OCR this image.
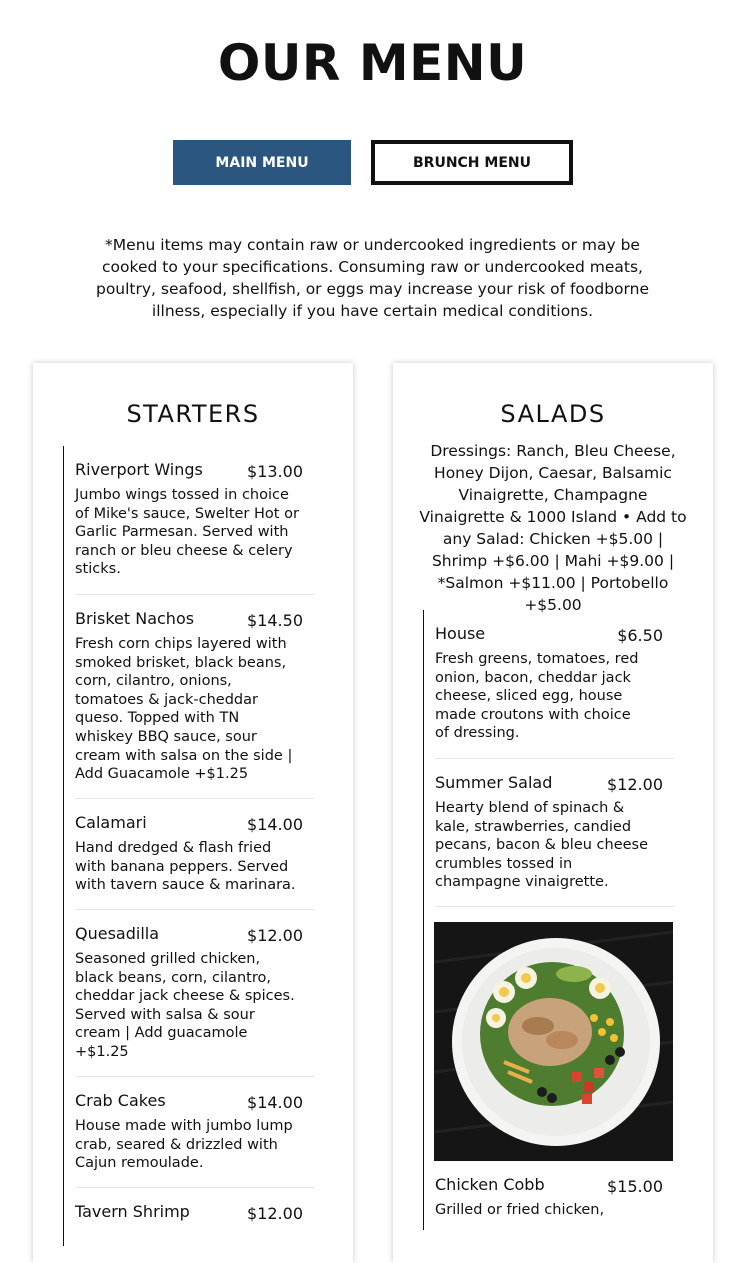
OUR MENU
MAIN MENU	BRUNCH MENU

*Menu items may contain raw or undercooked ingredients or may be cooked to your specifications. Consuming raw or undercooked meats, poultry, seafood, shellfish, or eggs may increase your risk of foodborne illness, especially if you have certain medical conditions.

STARTERS
Riverport Wings	$13.00

Jumbo wings tossed in choice of Mike's sauce, Swelter Hot or Garlic Parmesan. Served with ranch or bleu cheese & celery sticks.

Brisket Nachos	$14.50

Fresh corn chips layered with smoked brisket, black beans, corn, cilantro, onions, tomatoes & jack-cheddar queso. Topped with TN whiskey BBQ sauce, sour cream with salsa on the side | Add Guacamole +$1.25

Calamari	$14.00

Hand dredged & flash fried with banana peppers. Served with tavern sauce & marinara.

Quesadilla	$12.00

Seasoned grilled chicken, black beans, corn, cilantro, cheddar jack cheese & spices. Served with salsa & sour cream | Add guacamole +$1.25

Crab Cakes	$14.00

House made with jumbo lump crab, seared & drizzled with Cajun remoulade.

Tavern Shrimp	$12.00
SALADS

Dressings: Ranch, Bleu Cheese, Honey Dijon, Caesar, Balsamic Vinaigrette, Champagne Vinaigrette & 1000 Island • Add to any Salad: Chicken +$5.00 | Shrimp +$6.00 | Mahi +$9.00 | *Salmon +$11.00 | Portobello +$5.00

House	$6.50

Fresh greens, tomatoes, red onion, bacon, cheddar jack cheese, sliced egg, house made croutons with choice of dressing.

Summer Salad	$12.00

Hearty blend of spinach & kale, strawberries, candied pecans, bacon & bleu cheese crumbles tossed in champagne vinaigrette.

Chicken Cobb	$15.00

Grilled or fried chicken,
